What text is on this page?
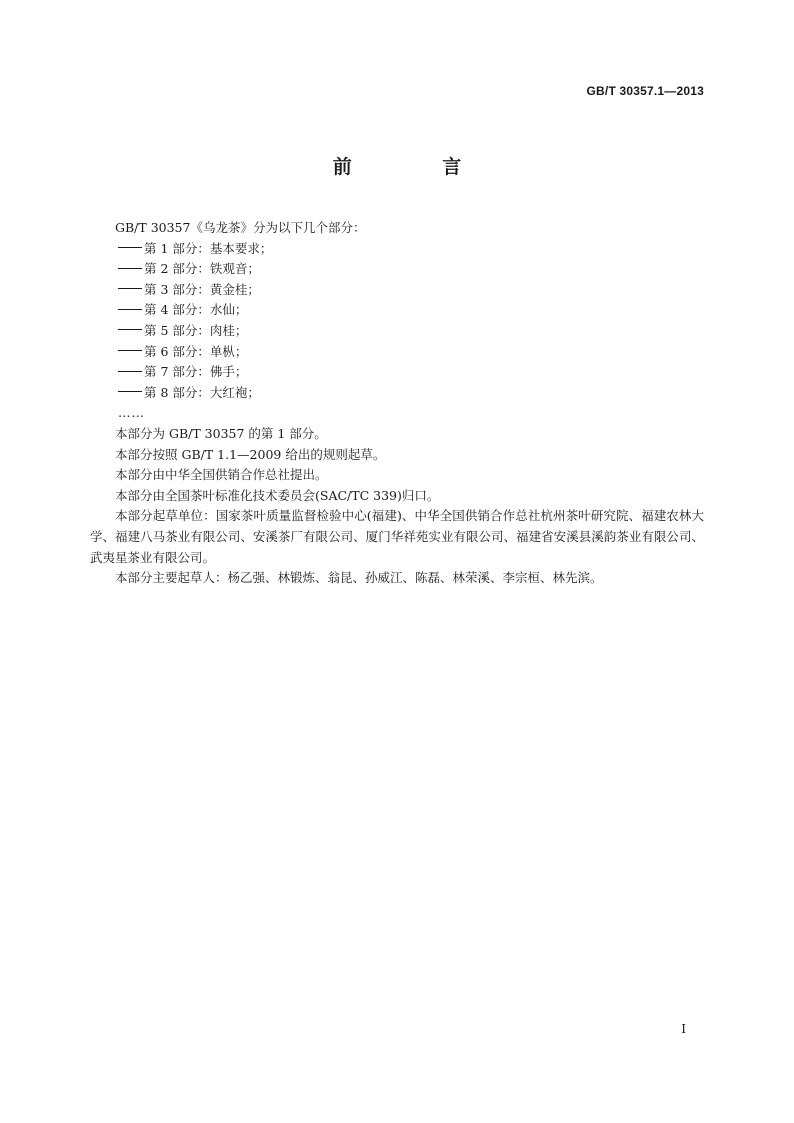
GB/T 30357.1—2013
前 言

GB/T 30357《乌龙茶》分为以下几个部分：

第 1 部分：基本要求；

第 2 部分：铁观音；

第 3 部分：黄金桂；

第 4 部分：水仙；

第 5 部分：肉桂；

第 6 部分：单枞；

第 7 部分：佛手；

第 8 部分：大红袍；

……

本部分为 GB/T 30357 的第 1 部分。

本部分按照 GB/T 1.1—2009 给出的规则起草。

本部分由中华全国供销合作总社提出。

本部分由全国茶叶标准化技术委员会(SAC/TC 339)归口。

本部分起草单位：国家茶叶质量监督检验中心(福建)、中华全国供销合作总社杭州茶叶研究院、福建农林大学、福建八马茶业有限公司、安溪茶厂有限公司、厦门华祥苑实业有限公司、福建省安溪县溪韵茶业有限公司、武夷星茶业有限公司。

本部分主要起草人：杨乙强、林锻炼、翁昆、孙威江、陈磊、林荣溪、李宗桓、林先滨。

I
